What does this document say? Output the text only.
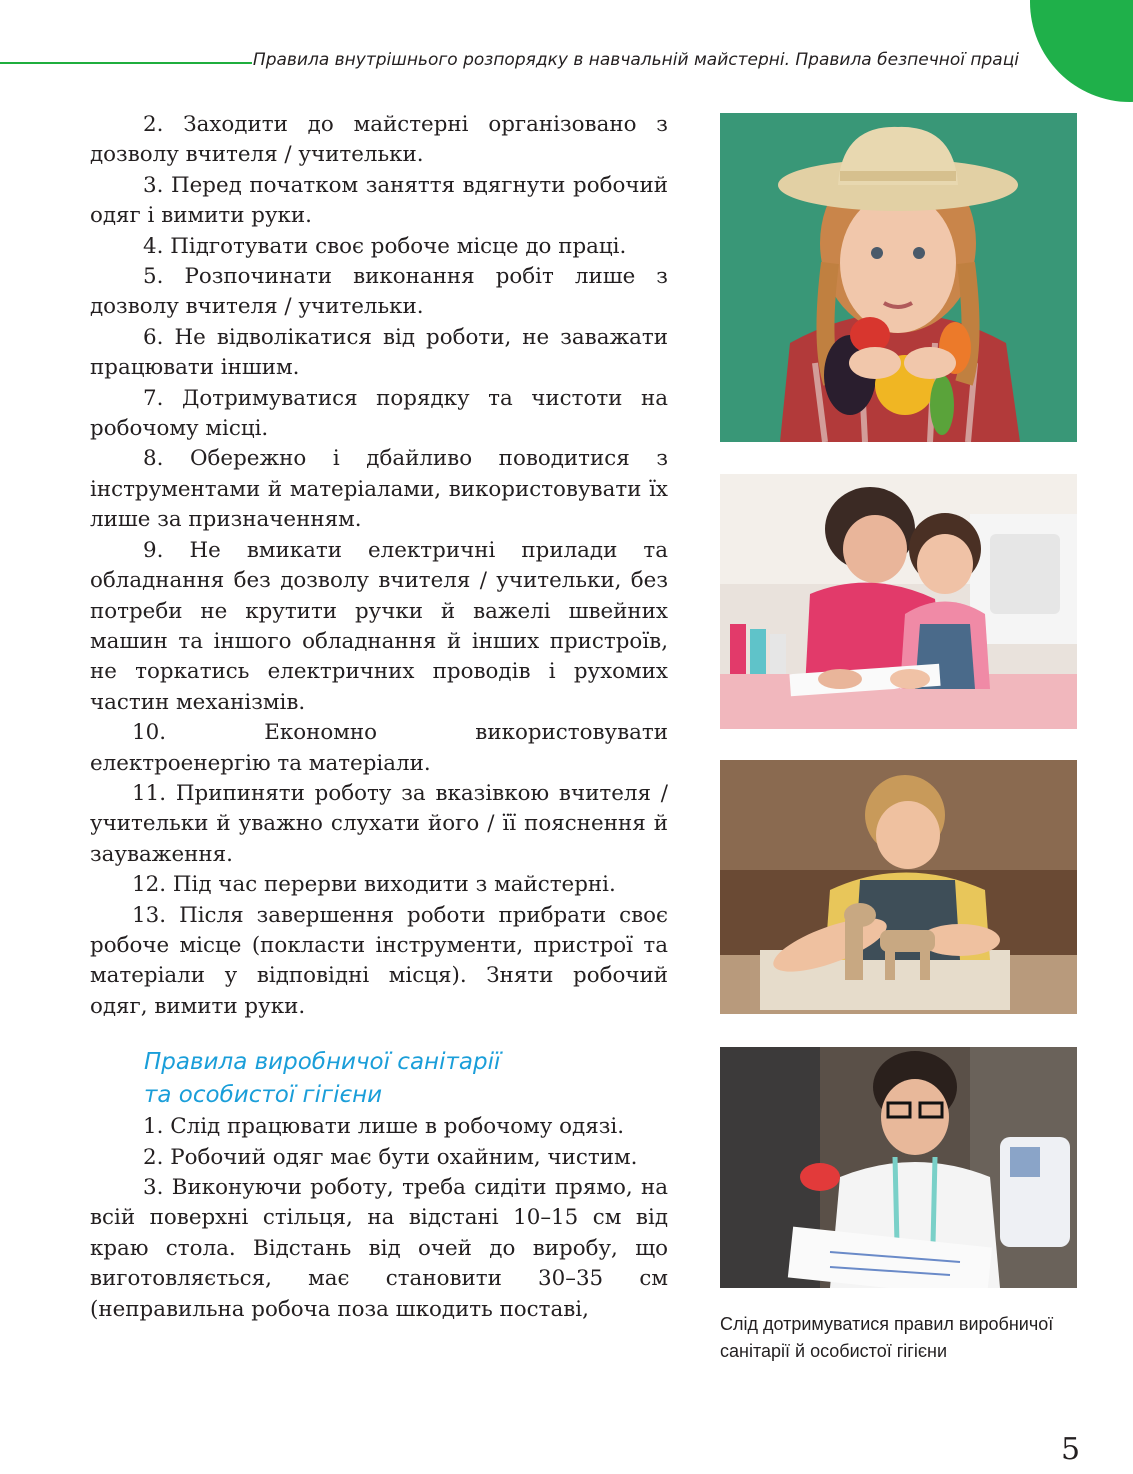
Правила внутрішнього розпорядку в навчальній майстерні. Правила безпечної праці

2. Заходити до майстерні організовано з дозволу вчителя / учительки.

3. Перед початком заняття вдягнути робочий одяг і вимити руки.

4. Підготувати своє робоче місце до праці.

5. Розпочинати виконання робіт лише з дозволу вчителя / учительки.

6. Не відволікатися від роботи, не заважати працювати іншим.

7. Дотримуватися порядку та чистоти на робочому місці.

8. Обережно і дбайливо поводитися з інструментами й матеріалами, використовувати їх лише за призначенням.

9. Не вмикати електричні прилади та обладнання без дозволу вчителя / учительки, без потреби не крутити ручки й важелі швейних машин та іншого обладнання й інших пристроїв, не торкатись електричних проводів і рухомих частин механізмів.

10.	Економно використовувати електроенергію та матеріали.

11. Припиняти роботу за вказівкою вчителя / учительки й уважно слухати його / її пояснення й зауваження.

12. Під час перерви виходити з майстерні.

13. Після завершення роботи прибрати своє робоче місце (покласти інструменти, пристрої та матеріали у відповідні місця). Зняти робочий одяг, вимити руки.

Правила виробничої санітарії
та особистої гігієни

1. Слід працювати лише в робочому одязі.

2. Робочий одяг має бути охайним, чистим.

3. Виконуючи роботу, треба сидіти прямо, на всій поверхні стільця, на відстані 10–15 см від краю стола. Відстань від очей до виробу, що виготовляється, має становити 30–35 см (неправильна робоча поза шкодить поставі,

Слід дотримуватися правил виробничої санітарії й особистої гігієни
5
